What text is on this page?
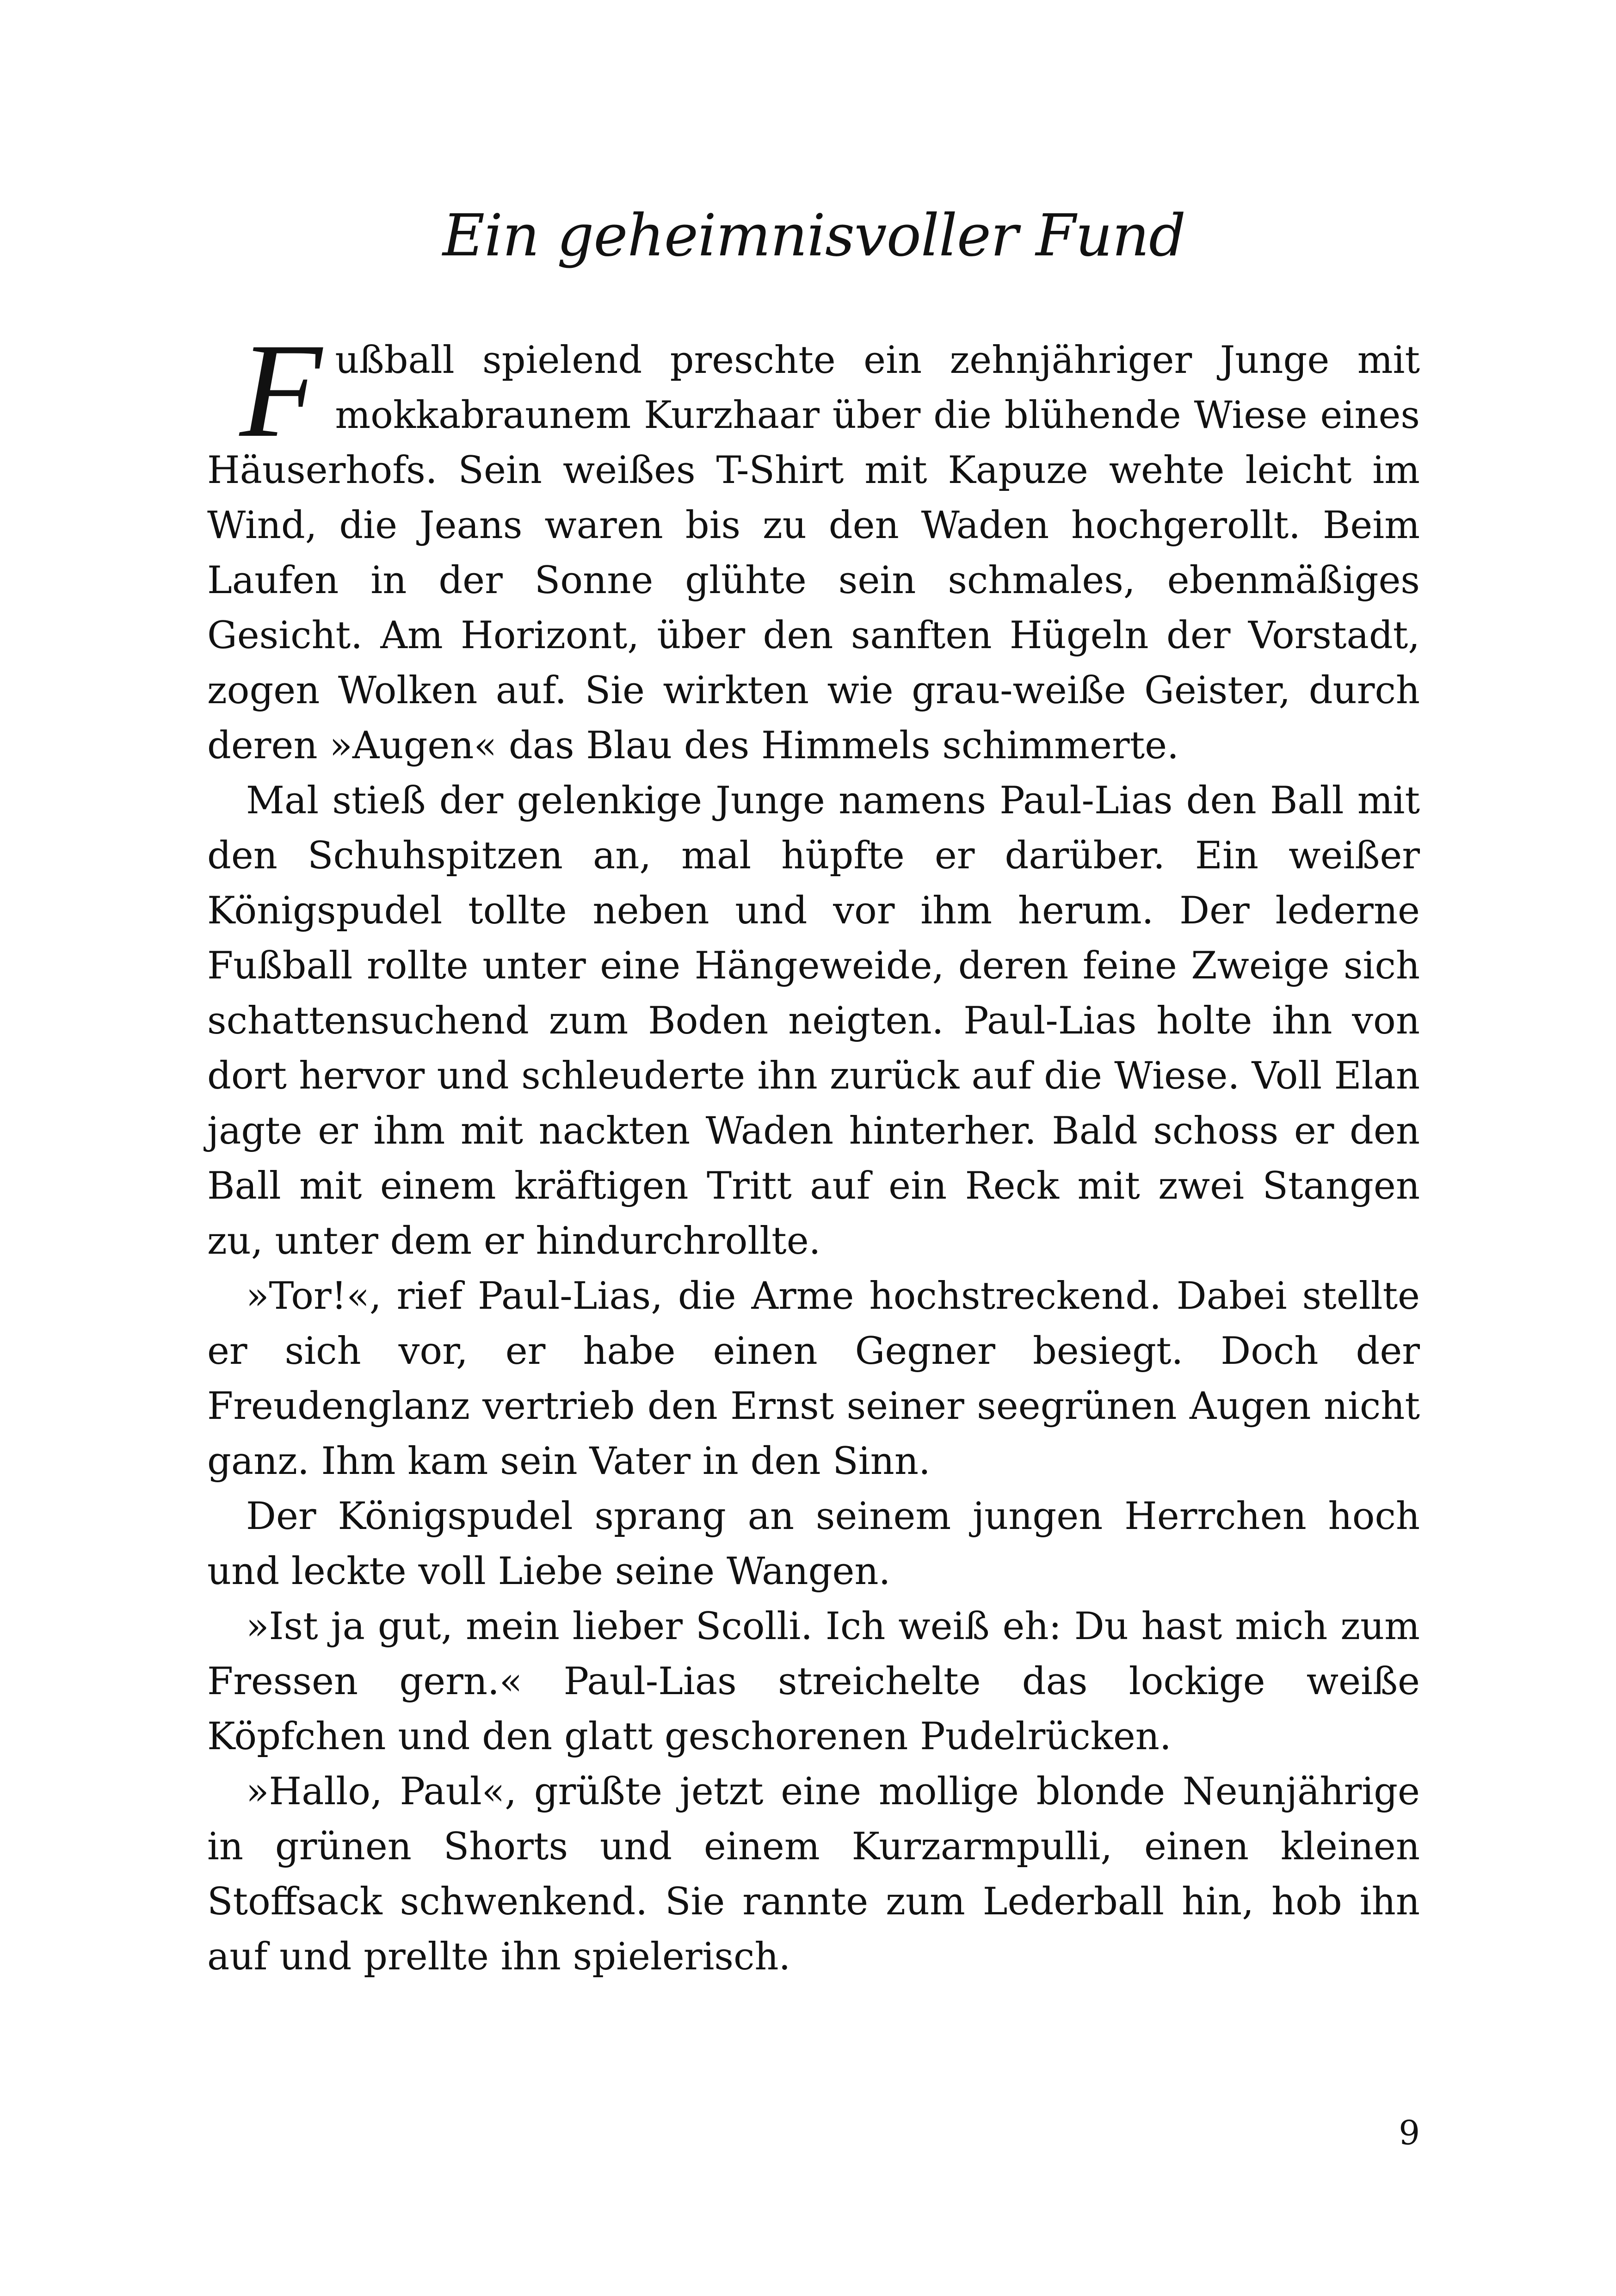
Ein geheimnisvoller Fund

Fußball spielend preschte ein zehnjähriger Junge mit mokkabraunem Kurzhaar über die blühende Wiese eines Häuserhofs. Sein weißes T-Shirt mit Kapuze wehte leicht im Wind, die Jeans waren bis zu den Waden hochgerollt. Beim Laufen in der Sonne glühte sein schmales, ebenmäßiges Gesicht. Am Horizont, über den sanften Hügeln der Vorstadt, zogen Wolken auf. Sie wirkten wie grau-weiße Geister, durch deren »Augen« das Blau des Himmels schimmerte.

Mal stieß der gelenkige Junge namens Paul-Lias den Ball mit den Schuhspitzen an, mal hüpfte er darüber. Ein weißer Königspudel tollte neben und vor ihm herum. Der lederne Fußball rollte unter eine Hängeweide, deren feine Zweige sich schattensuchend zum Boden neigten. Paul-Lias holte ihn von dort hervor und schleuderte ihn zurück auf die Wiese. Voll Elan jagte er ihm mit nackten Waden hinterher. Bald schoss er den Ball mit einem kräftigen Tritt auf ein Reck mit zwei Stangen zu, unter dem er hindurchrollte.

»Tor!«, rief Paul-Lias, die Arme hochstreckend. Dabei stellte er sich vor, er habe einen Gegner besiegt. Doch der Freudenglanz vertrieb den Ernst seiner seegrünen Augen nicht ganz. Ihm kam sein Vater in den Sinn.

Der Königspudel sprang an seinem jungen Herrchen hoch und leckte voll Liebe seine Wangen.

»Ist ja gut, mein lieber Scolli. Ich weiß eh: Du hast mich zum Fressen gern.« Paul-Lias streichelte das lockige weiße Köpfchen und den glatt geschorenen Pudelrücken.

»Hallo, Paul«, grüßte jetzt eine mollige blonde Neunjährige in grünen Shorts und einem Kurzarmpulli, einen kleinen Stoffsack schwenkend. Sie rannte zum Lederball hin, hob ihn auf und prellte ihn spielerisch.

9
